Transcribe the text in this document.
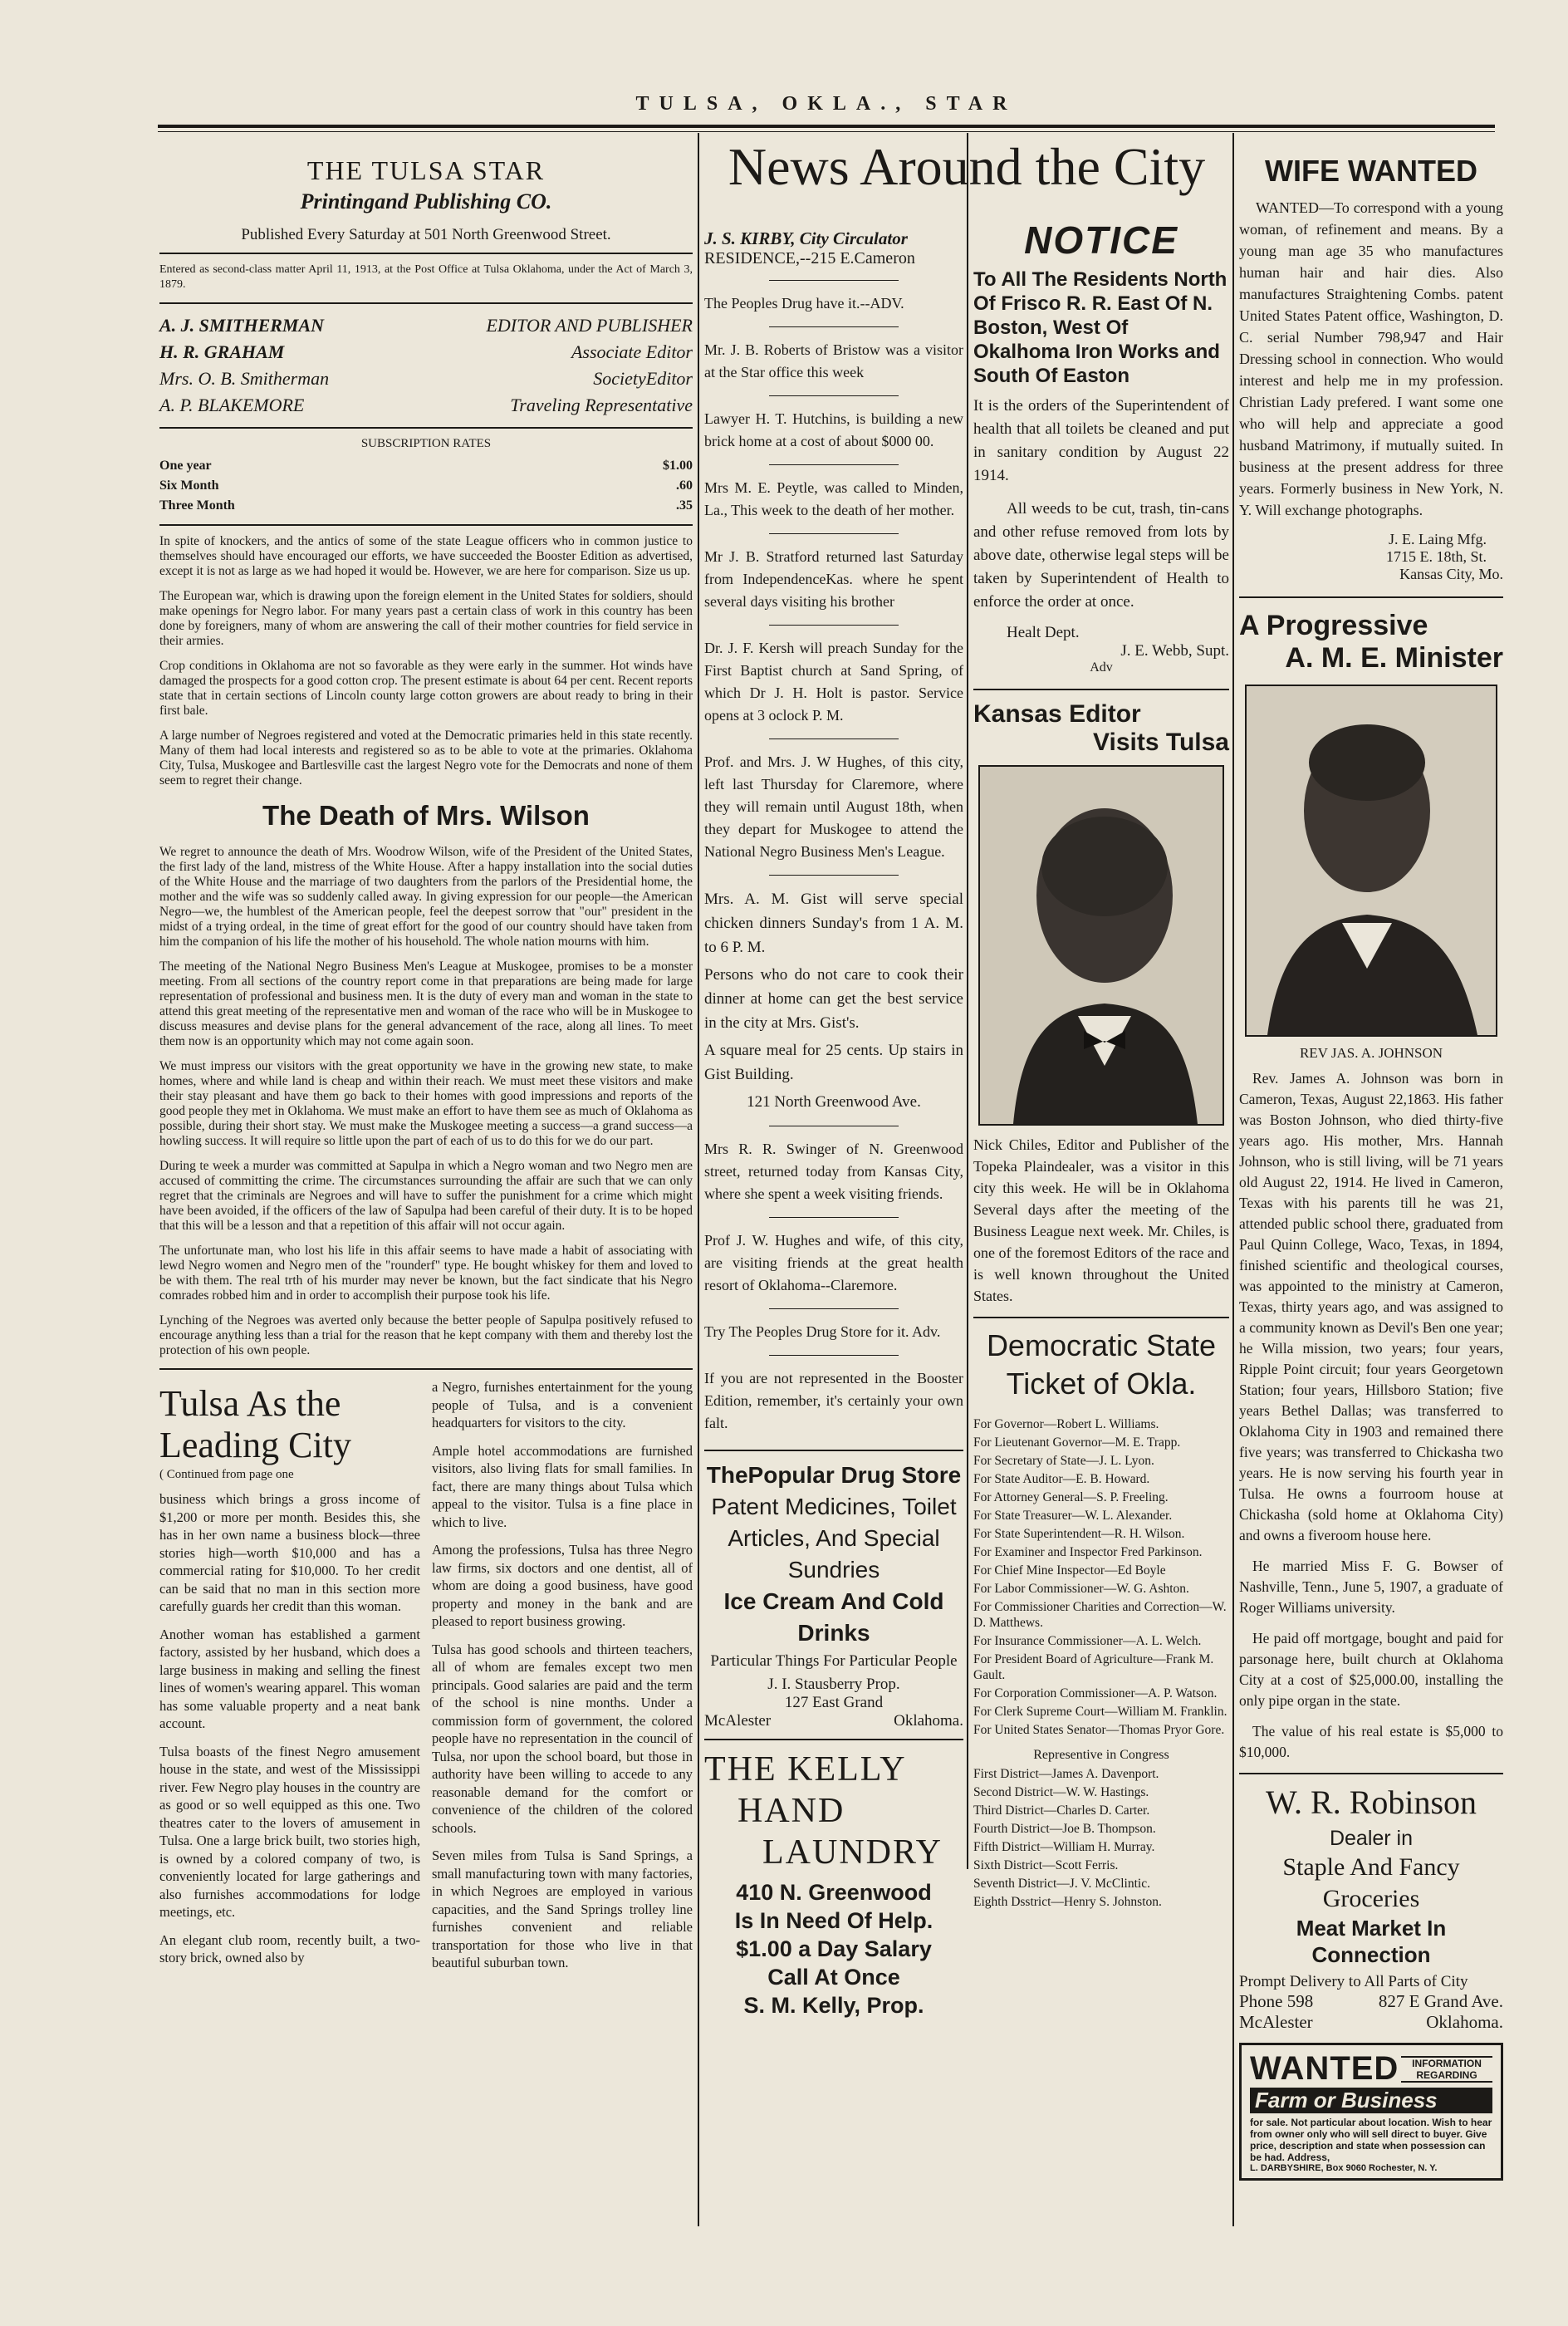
TULSA, OKLA., STAR
THE TULSA STAR
Printingand Publishing CO.
Published Every Saturday at 501 North Greenwood Street.

Entered as second-class matter April 11, 1913, at the Post Office at Tulsa Oklahoma, under the Act of March 3, 1879.

A. J. SMITHERMAN	EDITOR AND PUBLISHER
H. R. GRAHAM	Associate Editor
Mrs. O. B. Smitherman	SocietyEditor
A. P. BLAKEMORE	Traveling Representative
SUBSCRIPTION RATES
One year	$1.00
Six Month	.60
Three Month	.35

In spite of knockers, and the antics of some of the state League officers who in common justice to themselves should have encouraged our efforts, we have succeeded the Booster Edition as advertised, except it is not as large as we had hoped it would be. However, we are here for comparison. Size us up.

The European war, which is drawing upon the foreign element in the United States for soldiers, should make openings for Negro labor. For many years past a certain class of work in this country has been done by foreigners, many of whom are answering the call of their mother countries for field service in their armies.

Crop conditions in Oklahoma are not so favorable as they were early in the summer. Hot winds have damaged the prospects for a good cotton crop. The present estimate is about 64 per cent. Recent reports state that in certain sections of Lincoln county large cotton growers are about ready to bring in their first bale.

A large number of Negroes registered and voted at the Democratic primaries held in this state recently. Many of them had local interests and registered so as to be able to vote at the primaries. Oklahoma City, Tulsa, Muskogee and Bartlesville cast the largest Negro vote for the Democrats and none of them seem to regret their change.

The Death of Mrs. Wilson

We regret to announce the death of Mrs. Woodrow Wilson, wife of the President of the United States, the first lady of the land, mistress of the White House. After a happy installation into the social duties of the White House and the marriage of two daughters from the parlors of the Presidential home, the mother and the wife was so suddenly called away. In giving expression for our people—the American Negro—we, the humblest of the American people, feel the deepest sorrow that "our" president in the midst of a trying ordeal, in the time of great effort for the good of our country should have taken from him the companion of his life the mother of his household. The whole nation mourns with him.

The meeting of the National Negro Business Men's League at Muskogee, promises to be a monster meeting. From all sections of the country report come in that preparations are being made for large representation of professional and business men. It is the duty of every man and woman in the state to attend this great meeting of the representative men and woman of the race who will be in Muskogee to discuss measures and devise plans for the general advancement of the race, along all lines. To meet them now is an opportunity which may not come again soon.

We must impress our visitors with the great opportunity we have in the growing new state, to make homes, where and while land is cheap and within their reach. We must meet these visitors and make their stay pleasant and have them go back to their homes with good impressions and reports of the good people they met in Oklahoma. We must make an effort to have them see as much of Oklahoma as possible, during their short stay. We must make the Muskogee meeting a success—a grand success—a howling success. It will require so little upon the part of each of us to do this for we do our part.

During te week a murder was committed at Sapulpa in which a Negro woman and two Negro men are accused of committing the crime. The circumstances surrounding the affair are such that we can only regret that the criminals are Negroes and will have to suffer the punishment for a crime which might have been avoided, if the officers of the law of Sapulpa had been careful of their duty. It is to be hoped that this will be a lesson and that a repetition of this affair will not occur again.

The unfortunate man, who lost his life in this affair seems to have made a habit of associating with lewd Negro women and Negro men of the "rounderf" type. He bought whiskey for them and loved to be with them. The real trth of his murder may never be known, but the fact sindicate that his Negro comrades robbed him and in order to accomplish their purpose took his life.

Lynching of the Negroes was averted only because the better people of Sapulpa positively refused to encourage anything less than a trial for the reason that he kept company with them and thereby lost the protection of his own people.

Tulsa As the Leading City
( Continued from page one

business which brings a gross income of $1,200 or more per month. Besides this, she has in her own name a business block—three stories high—worth $10,000 and has a commercial rating for $10,000. To her credit can be said that no man in this section more carefully guards her credit than this woman.

Another woman has established a garment factory, assisted by her husband, which does a large business in making and selling the finest lines of women's wearing apparel. This woman has some valuable property and a neat bank account.

Tulsa boasts of the finest Negro amusement house in the state, and west of the Mississippi river. Few Negro play houses in the country are as good or so well equipped as this one. Two theatres cater to the lovers of amusement in Tulsa. One a large brick built, two stories high, is owned by a colored company of two, is conveniently located for large gatherings and also furnishes accommodations for lodge meetings, etc.

An elegant club room, recently built, a two-story brick, owned also by

a Negro, furnishes entertainment for the young people of Tulsa, and is a convenient headquarters for visitors to the city.

Ample hotel accommodations are furnished visitors, also living flats for small families. In fact, there are many things about Tulsa which appeal to the visitor. Tulsa is a fine place in which to live.

Among the professions, Tulsa has three Negro law firms, six doctors and one dentist, all of whom are doing a good business, have good property and money in the bank and are pleased to report business growing.

Tulsa has good schools and thirteen teachers, all of whom are females except two men principals. Good salaries are paid and the term of the school is nine months. Under a commission form of government, the colored people have no representation in the council of Tulsa, nor upon the school board, but those in authority have been willing to accede to any reasonable demand for the comfort or convenience of the children of the colored schools.

Seven miles from Tulsa is Sand Springs, a small manufacturing town with many factories, in which Negroes are employed in various capacities, and the Sand Springs trolley line furnishes convenient and reliable transportation for those who live in that beautiful suburban town.

News Around the City
J. S. KIRBY, City Circulator
RESIDENCE,--215 E.Cameron

The Peoples Drug have it.--ADV.

Mr. J. B. Roberts of Bristow was a visitor at the Star office this week

Lawyer H. T. Hutchins, is building a new brick home at a cost of about $000 00.

Mrs M. E. Peytle, was called to Minden, La., This week to the death of her mother.

Mr J. B. Stratford returned last Saturday from IndependenceKas. where he spent several days visiting his brother

Dr. J. F. Kersh will preach Sunday for the First Baptist church at Sand Spring, of which Dr J. H. Holt is pastor. Service opens at 3 oclock P. M.

Prof. and Mrs. J. W Hughes, of this city, left last Thursday for Claremore, where they will remain until August 18th, when they depart for Muskogee to attend the National Negro Business Men's League.

Mrs. A. M. Gist will serve special chicken dinners Sunday's from 1 A. M. to 6 P. M.

Persons who do not care to cook their dinner at home can get the best service in the city at Mrs. Gist's.

A square meal for 25 cents. Up stairs in Gist Building.

121 North Greenwood Ave.

Mrs R. R. Swinger of N. Greenwood street, returned today from Kansas City, where she spent a week visiting friends.

Prof J. W. Hughes and wife, of this city, are visiting friends at the great health resort of Oklahoma--Claremore.

Try The Peoples Drug Store for it. Adv.

If you are not represented in the Booster Edition, remember, it's certainly your own falt.

ThePopular Drug Store
Patent Medicines, Toilet Articles, And Special Sundries
Ice Cream And Cold Drinks
Particular Things For Particular People
J. I. Stausberry Prop.
127 East Grand
McAlester	Oklahoma.
THE KELLY
HAND
LAUNDRY
410 N. Greenwood
Is In Need Of Help.
$1.00 a Day Salary
Call At Once
S. M. Kelly, Prop.
NOTICE
To All The Residents North Of Frisco R. R. East Of N. Boston, West Of Okalhoma Iron Works and South Of Easton

It is the orders of the Superintendent of health that all toilets be cleaned and put in sanitary condition by August 22 1914.

All weeds to be cut, trash, tin-cans and other refuse removed from lots by above date, otherwise legal steps will be taken by Superintendent of Health to enforce the order at once.

Healt Dept.
J. E. Webb, Supt.
Adv
Kansas Editor
Visits Tulsa

Nick Chiles, Editor and Publisher of the Topeka Plaindealer, was a visitor in this city this week. He will be in Oklahoma Several days after the meeting of the Business League next week. Mr. Chiles, is one of the foremost Editors of the race and is well known throughout the United States.

Democratic State Ticket of Okla.

For Governor—Robert L. Williams.

For Lieutenant Governor—M. E. Trapp.

For Secretary of State—J. L. Lyon.

For State Auditor—E. B. Howard.

For Attorney General—S. P. Freeling.

For State Treasurer—W. L. Alexander.

For State Superintendent—R. H. Wilson.

For Examiner and Inspector Fred Parkinson.

For Chief Mine Inspector—Ed Boyle

For Labor Commissioner—W. G. Ashton.

For Commissioner Charities and Correction—W. D. Matthews.

For Insurance Commissioner—A. L. Welch.

For President Board of Agriculture—Frank M. Gault.

For Corporation Commissioner—A. P. Watson.

For Clerk Supreme Court—William M. Franklin.

For United States Senator—Thomas Pryor Gore.

Representive in Congress

First District—James A. Davenport.

Second District—W. W. Hastings.

Third District—Charles D. Carter.

Fourth District—Joe B. Thompson.

Fifth District—William H. Murray.

Sixth District—Scott Ferris.

Seventh District—J. V. McClintic.

Eighth Dsstrict—Henry S. Johnston.

WIFE WANTED

WANTED—To correspond with a young woman, of refinement and means. By a young man age 35 who manufactures human hair and hair dies. Also manufactures Straightening Combs. patent United States Patent office, Washington, D. C. serial Number 798,947 and Hair Dressing school in connection. Who would interest and help me in my profession. Christian Lady prefered. I want some one who will help and appreciate a good husband Matrimony, if mutually suited. In business at the present address for three years. Formerly business in New York, N. Y. Will exchange photographs.

J. E. Laing Mfg.
1715 E. 18th, St.
Kansas City, Mo.
A Progressive
A. M. E. Minister
REV JAS. A. JOHNSON

Rev. James A. Johnson was born in Cameron, Texas, August 22,1863. His father was Boston Johnson, who died thirty-five years ago. His mother, Mrs. Hannah Johnson, who is still living, will be 71 years old August 22, 1914. He lived in Cameron, Texas with his parents till he was 21, attended public school there, graduated from Paul Quinn College, Waco, Texas, in 1894, finished scientific and theological courses, was appointed to the ministry at Cameron, Texas, thirty years ago, and was assigned to a community known as Devil's Ben one year; he Willa mission, two years; four years, Ripple Point circuit; four years Georgetown Station; four years, Hillsboro Station; five years Bethel Dallas; was transferred to Oklahoma City in 1903 and remained there five years; was transferred to Chickasha two years. He is now serving his fourth year in Tulsa. He owns a fourroom house at Chickasha (sold home at Oklahoma City) and owns a fiveroom house here.

He married Miss F. G. Bowser of Nashville, Tenn., June 5, 1907, a graduate of Roger Williams university.

He paid off mortgage, bought and paid for parsonage here, built church at Oklahoma City at a cost of $25,000.00, installing the only pipe organ in the state.

The value of his real estate is $5,000 to $10,000.

W. R. Robinson
Dealer in
Staple And Fancy
Groceries
Meat Market In Connection
Prompt Delivery to All Parts of City
Phone 598	827 E Grand Ave.
McAlester	Oklahoma.
WANTED	INFORMATION REGARDING
Farm or Business
for sale. Not particular about location. Wish to hear from owner only who will sell direct to buyer. Give price, description and state when possession can be had. Address,
L. DARBYSHIRE, Box 9060 Rochester, N. Y.
